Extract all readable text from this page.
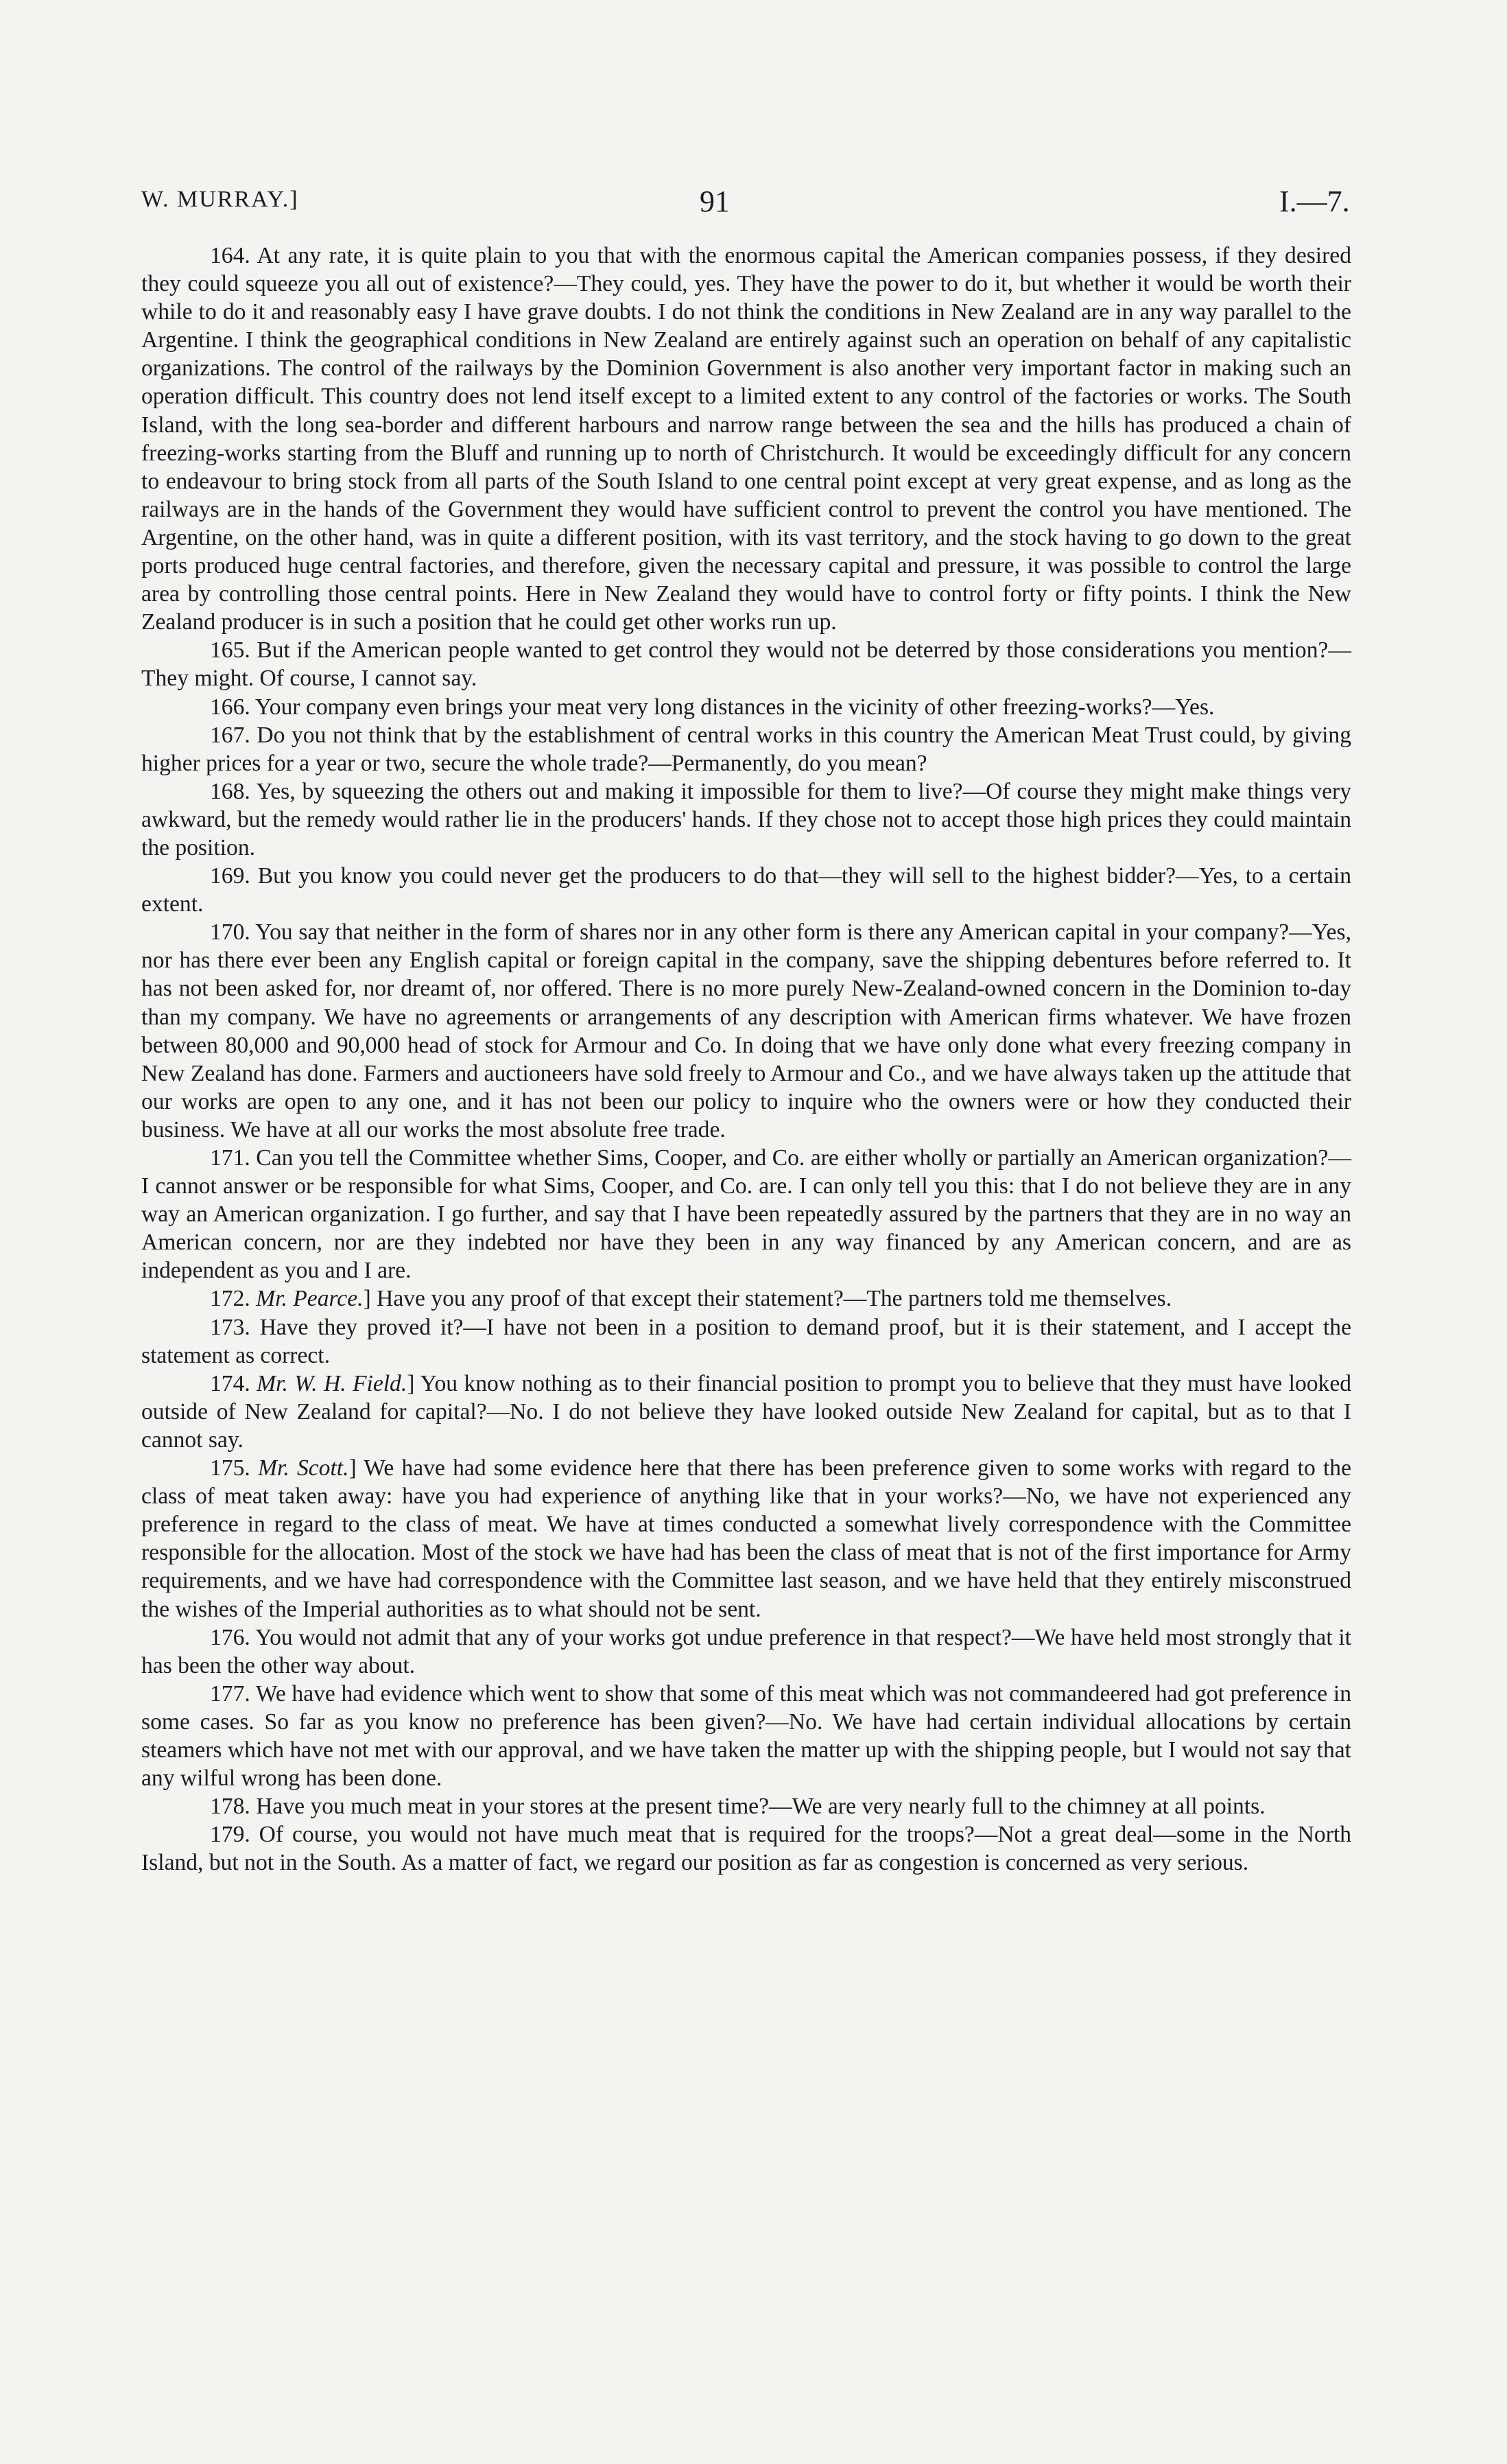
W. MURRAY.]	91	I.—7.

164. At any rate, it is quite plain to you that with the enormous capital the American companies possess, if they desired they could squeeze you all out of existence?—They could, yes. They have the power to do it, but whether it would be worth their while to do it and reasonably easy I have grave doubts. I do not think the conditions in New Zealand are in any way parallel to the Argentine. I think the geographical conditions in New Zealand are entirely against such an operation on behalf of any capitalistic organizations. The control of the railways by the Dominion Government is also another very important factor in making such an operation difficult. This country does not lend itself except to a limited extent to any control of the factories or works. The South Island, with the long sea-border and different harbours and narrow range between the sea and the hills has produced a chain of freezing-works starting from the Bluff and running up to north of Christchurch. It would be exceedingly difficult for any concern to endeavour to bring stock from all parts of the South Island to one central point except at very great expense, and as long as the railways are in the hands of the Government they would have sufficient control to prevent the control you have mentioned. The Argentine, on the other hand, was in quite a different position, with its vast territory, and the stock having to go down to the great ports produced huge central factories, and therefore, given the necessary capital and pressure, it was possible to control the large area by controlling those central points. Here in New Zealand they would have to control forty or fifty points. I think the New Zealand producer is in such a position that he could get other works run up.

165. But if the American people wanted to get control they would not be deterred by those considerations you mention?—They might. Of course, I cannot say.

166. Your company even brings your meat very long distances in the vicinity of other freezing-works?—Yes.

167. Do you not think that by the establishment of central works in this country the American Meat Trust could, by giving higher prices for a year or two, secure the whole trade?—Permanently, do you mean?

168. Yes, by squeezing the others out and making it impossible for them to live?—Of course they might make things very awkward, but the remedy would rather lie in the producers' hands. If they chose not to accept those high prices they could maintain the position.

169. But you know you could never get the producers to do that—they will sell to the highest bidder?—Yes, to a certain extent.

170. You say that neither in the form of shares nor in any other form is there any American capital in your company?—Yes, nor has there ever been any English capital or foreign capital in the company, save the shipping debentures before referred to. It has not been asked for, nor dreamt of, nor offered. There is no more purely New-Zealand-owned concern in the Dominion to-day than my company. We have no agreements or arrangements of any description with American firms whatever. We have frozen between 80,000 and 90,000 head of stock for Armour and Co. In doing that we have only done what every freezing company in New Zealand has done. Farmers and auctioneers have sold freely to Armour and Co., and we have always taken up the attitude that our works are open to any one, and it has not been our policy to inquire who the owners were or how they conducted their business. We have at all our works the most absolute free trade.

171. Can you tell the Committee whether Sims, Cooper, and Co. are either wholly or partially an American organization?—I cannot answer or be responsible for what Sims, Cooper, and Co. are. I can only tell you this: that I do not believe they are in any way an American organization. I go further, and say that I have been repeatedly assured by the partners that they are in no way an American concern, nor are they indebted nor have they been in any way financed by any American concern, and are as independent as you and I are.

172. Mr. Pearce.] Have you any proof of that except their statement?—The partners told me themselves.

173. Have they proved it?—I have not been in a position to demand proof, but it is their statement, and I accept the statement as correct.

174. Mr. W. H. Field.] You know nothing as to their financial position to prompt you to believe that they must have looked outside of New Zealand for capital?—No. I do not believe they have looked outside New Zealand for capital, but as to that I cannot say.

175. Mr. Scott.] We have had some evidence here that there has been preference given to some works with regard to the class of meat taken away: have you had experience of anything like that in your works?—No, we have not experienced any preference in regard to the class of meat. We have at times conducted a somewhat lively correspondence with the Committee responsible for the allocation. Most of the stock we have had has been the class of meat that is not of the first importance for Army requirements, and we have had correspondence with the Committee last season, and we have held that they entirely misconstrued the wishes of the Imperial authorities as to what should not be sent.

176. You would not admit that any of your works got undue preference in that respect?—We have held most strongly that it has been the other way about.

177. We have had evidence which went to show that some of this meat which was not commandeered had got preference in some cases. So far as you know no preference has been given?—No. We have had certain individual allocations by certain steamers which have not met with our approval, and we have taken the matter up with the shipping people, but I would not say that any wilful wrong has been done.

178. Have you much meat in your stores at the present time?—We are very nearly full to the chimney at all points.

179. Of course, you would not have much meat that is required for the troops?—Not a great deal—some in the North Island, but not in the South. As a matter of fact, we regard our position as far as congestion is concerned as very serious.
